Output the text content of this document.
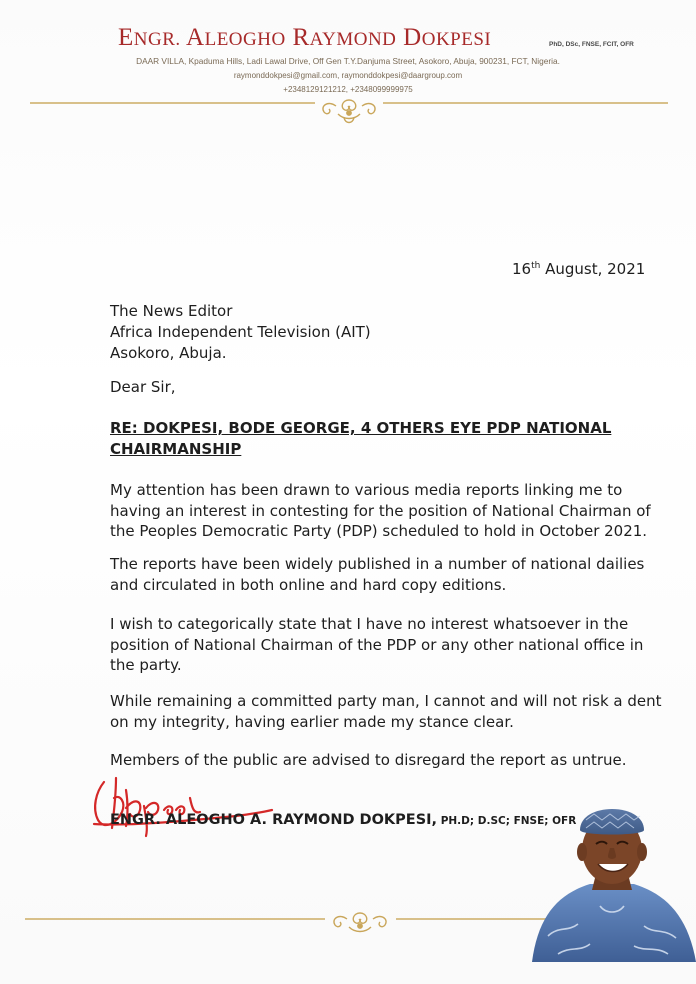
ENGR. ALEOGHO RAYMOND DOKPESI	PhD, DSc, FNSE, FCIT, OFR
DAAR VILLA, Kpaduma Hills, Ladi Lawal Drive, Off Gen T.Y.Danjuma Street, Asokoro, Abuja, 900231, FCT, Nigeria.
raymonddokpesi@gmail.com, raymonddokpesi@daargroup.com
+2348129121212, +2348099999975
16th August, 2021
The News Editor
Africa Independent Television (AIT)
Asokoro, Abuja.
Dear Sir,
RE: DOKPESI, BODE GEORGE, 4 OTHERS EYE PDP NATIONAL
CHAIRMANSHIP
My attention has been drawn to various media reports linking me to
having an interest in contesting for the position of National Chairman of
the Peoples Democratic Party (PDP) scheduled to hold in October 2021.
The reports have been widely published in a number of national dailies
and circulated in both online and hard copy editions.
I wish to categorically state that I have no interest whatsoever in the
position of National Chairman of the PDP or any other national office in
the party.
While remaining a committed party man, I cannot and will not risk a dent
on my integrity, having earlier made my stance clear.
Members of the public are advised to disregard the report as untrue.
ENGR. ALEOGHO A. RAYMOND DOKPESI, PH.D; D.SC; FNSE; OFR
